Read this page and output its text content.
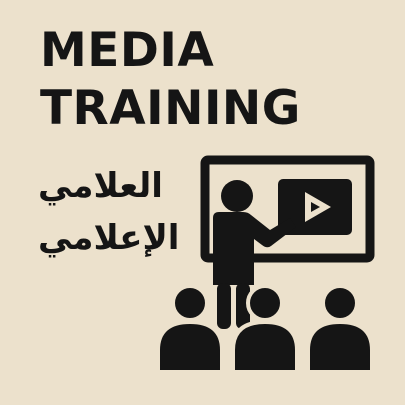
MEDIA
TRAINING

العلامي

الإعلامي
